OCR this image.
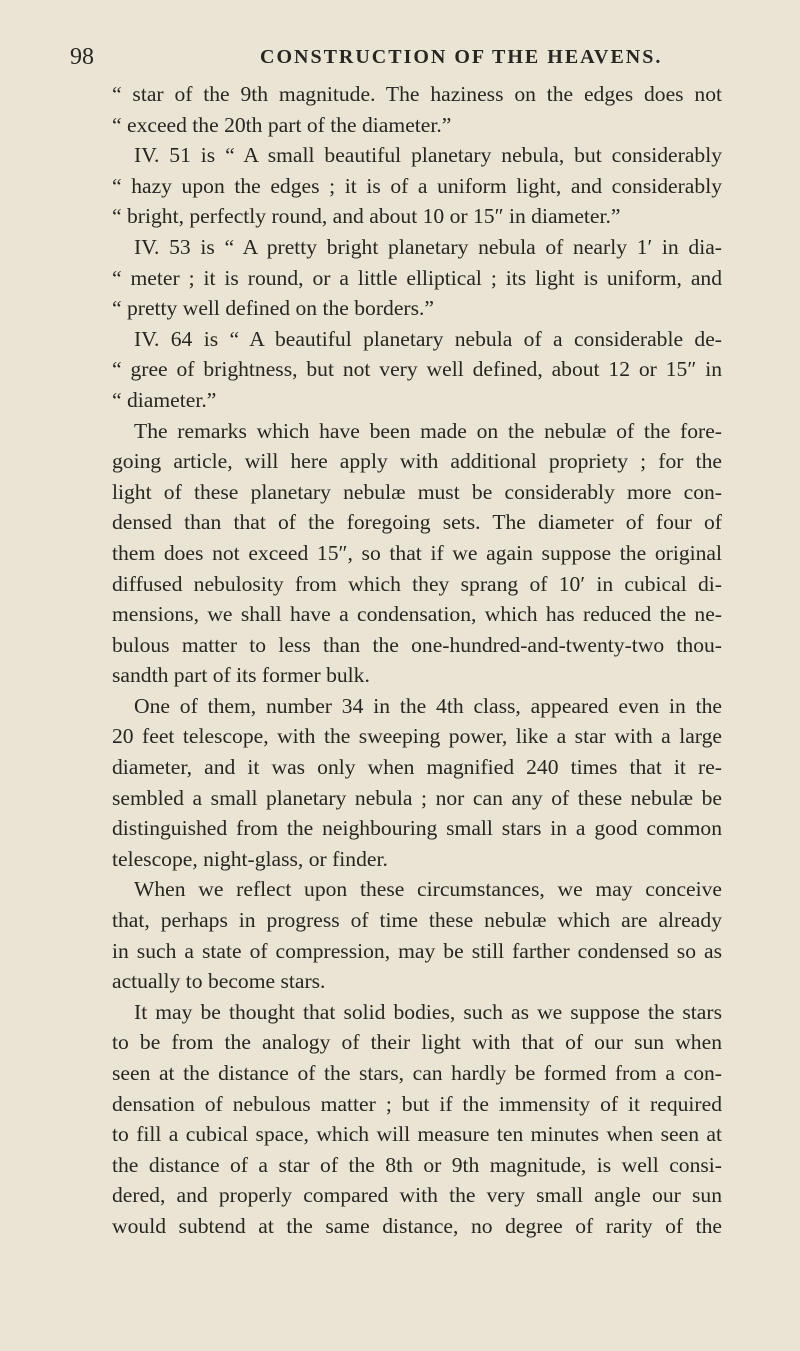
98	CONSTRUCTION OF THE HEAVENS.
“ star of the 9th magnitude. The haziness on the edges does not
“ exceed the 20th part of the diameter.”
IV. 51 is “ A small beautiful planetary nebula, but considerably
“ hazy upon the edges ; it is of a uniform light, and considerably
“ bright, perfectly round, and about 10 or 15″ in diameter.”
IV. 53 is “ A pretty bright planetary nebula of nearly 1′ in dia-
“ meter ; it is round, or a little elliptical ; its light is uniform, and
“ pretty well defined on the borders.”
IV. 64 is “ A beautiful planetary nebula of a considerable de-
“ gree of brightness, but not very well defined, about 12 or 15″ in
“ diameter.”
The remarks which have been made on the nebulæ of the fore-
going article, will here apply with additional propriety ; for the
light of these planetary nebulæ must be considerably more con-
densed than that of the foregoing sets. The diameter of four of
them does not exceed 15″, so that if we again suppose the original
diffused nebulosity from which they sprang of 10′ in cubical di-
mensions, we shall have a condensation, which has reduced the ne-
bulous matter to less than the one-hundred-and-twenty-two thou-
sandth part of its former bulk.
One of them, number 34 in the 4th class, appeared even in the
20 feet telescope, with the sweeping power, like a star with a large
diameter, and it was only when magnified 240 times that it re-
sembled a small planetary nebula ; nor can any of these nebulæ be
distinguished from the neighbouring small stars in a good common
telescope, night-glass, or finder.
When we reflect upon these circumstances, we may conceive
that, perhaps in progress of time these nebulæ which are already
in such a state of compression, may be still farther condensed so as
actually to become stars.
It may be thought that solid bodies, such as we suppose the stars
to be from the analogy of their light with that of our sun when
seen at the distance of the stars, can hardly be formed from a con-
densation of nebulous matter ; but if the immensity of it required
to fill a cubical space, which will measure ten minutes when seen at
the distance of a star of the 8th or 9th magnitude, is well consi-
dered, and properly compared with the very small angle our sun
would subtend at the same distance, no degree of rarity of the
